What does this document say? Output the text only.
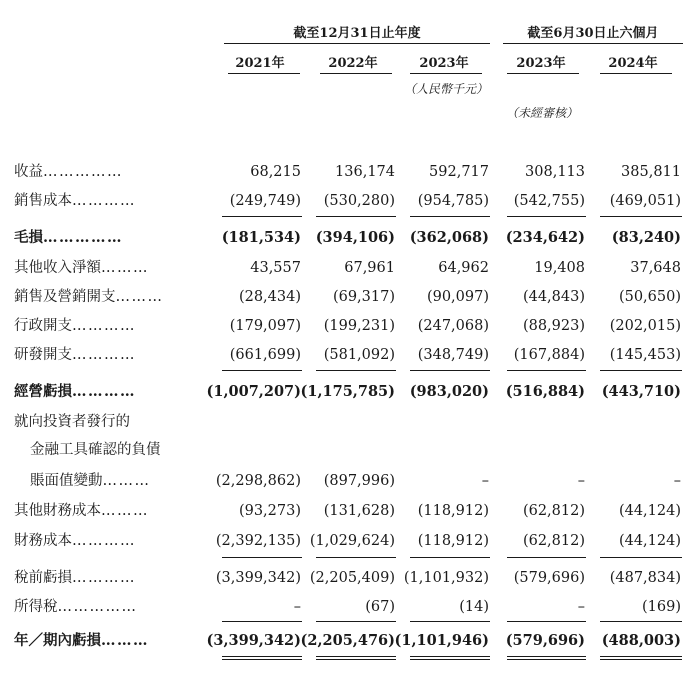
截至12月31日止年度	截至6月30日止六個月
2021年	2022年	2023年	2023年	2024年
（人民幣千元）
（未經審核）
收益……………	68,215 136,174 592,717 308,113 385,811
銷售成本…………	(249,749) (530,280) (954,785) (542,755) (469,051)
毛損……………	(181,534) (394,106) (362,068) (234,642) (83,240)
其他收入淨額………	43,557	67,961	64,962	19,408	37,648
銷售及營銷開支………	(28,434) (69,317) (90,097) (44,843) (50,650)
行政開支…………	(179,097) (199,231) (247,068) (88,923) (202,015)
研發開支…………	(661,699) (581,092) (348,749) (167,884) (145,453)
經營虧損…………	(1,007,207) (1,175,785) (983,020) (516,884) (443,710)
就向投資者發行的
金融工具確認的負債
賬面值變動………	(2,298,862) (897,996)	–	–	–
其他財務成本………	(93,273) (131,628) (118,912) (62,812) (44,124)
財務成本…………	(2,392,135) (1,029,624) (118,912) (62,812) (44,124)
稅前虧損…………	(3,399,342) (2,205,409) (1,101,932) (579,696) (487,834)
所得稅……………	–	(67)	(14)	–	(169)
年／期內虧損………	(3,399,342) (2,205,476) (1,101,946) (579,696) (488,003)
